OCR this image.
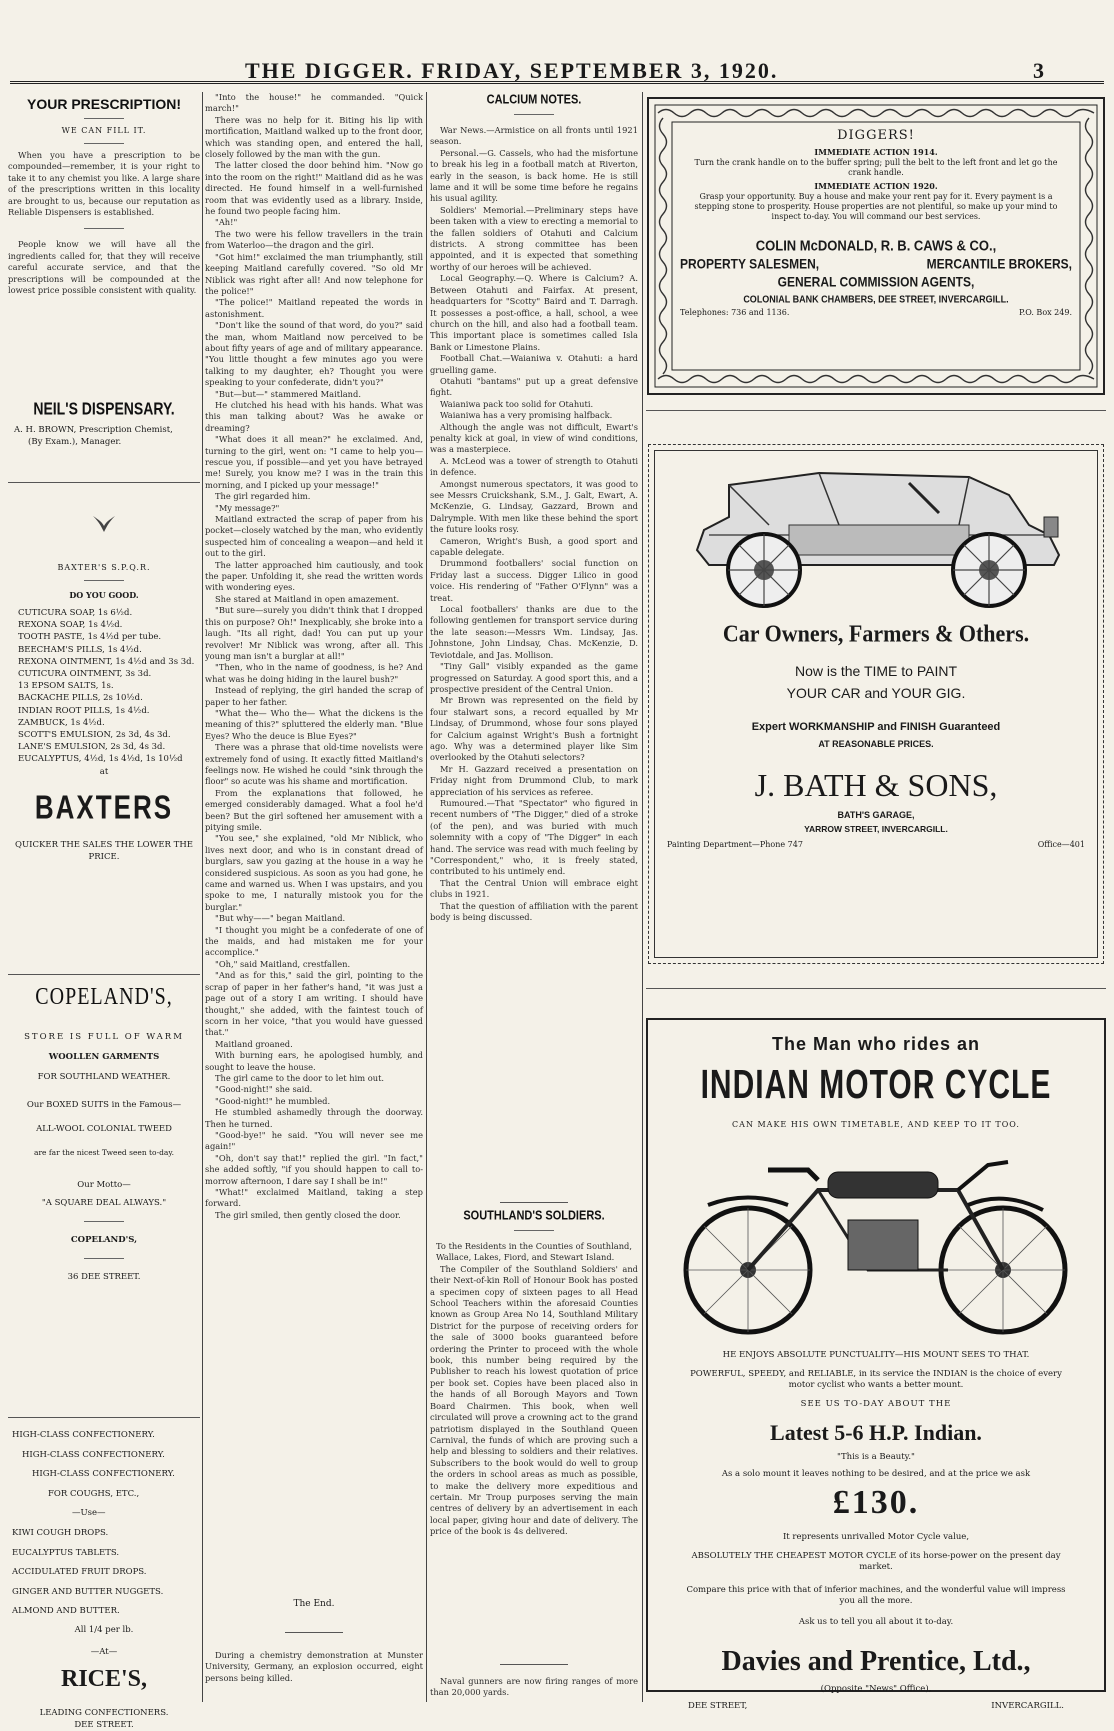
THE DIGGER. FRIDAY, SEPTEMBER 3, 1920.	3
YOUR PRESCRIPTION!
WE CAN FILL IT.

When you have a prescription to be compounded—remember, it is your right to take it to any chemist you like. A large share of the prescriptions written in this locality are brought to us, because our reputation as Reliable Dispensers is established.

People know we will have all the ingredients called for, that they will receive careful accurate service, and that the prescriptions will be compounded at the lowest price possible consistent with quality.

NEIL'S DISPENSARY.
A. H. BROWN, Prescription Chemist,
(By Exam.), Manager.
BAXTER'S S.P.Q.R.
DO YOU GOOD.
CUTICURA SOAP, 1s 6½d.
REXONA SOAP, 1s 4½d.
TOOTH PASTE, 1s 4½d per tube.
BEECHAM'S PILLS, 1s 4½d.
REXONA OINTMENT, 1s 4½d and 3s 3d.
CUTICURA OINTMENT, 3s 3d.
13 EPSOM SALTS, 1s.
BACKACHE PILLS, 2s 10½d.
INDIAN ROOT PILLS, 1s 4½d.
ZAMBUCK, 1s 4½d.
SCOTT'S EMULSION, 2s 3d, 4s 3d.
LANE'S EMULSION, 2s 3d, 4s 3d.
EUCALYPTUS, 4½d, 1s 4½d, 1s 10½d
at
BAXTERS
QUICKER THE SALES THE LOWER THE PRICE.
COPELAND'S,
STORE IS FULL OF WARM
WOOLLEN GARMENTS
FOR SOUTHLAND WEATHER.
Our BOXED SUITS in the Famous—
ALL-WOOL COLONIAL TWEED
are far the nicest Tweed seen to-day.
Our Motto—
"A SQUARE DEAL ALWAYS."
COPELAND'S,
36 DEE STREET.
HIGH-CLASS CONFECTIONERY.
HIGH-CLASS CONFECTIONERY.
HIGH-CLASS CONFECTIONERY.
FOR COUGHS, ETC.,
—Use—
KIWI COUGH DROPS.
EUCALYPTUS TABLETS.
ACCIDULATED FRUIT DROPS.
GINGER AND BUTTER NUGGETS.
ALMOND AND BUTTER.
All 1/4 per lb.
—At—
RICE'S,
LEADING CONFECTIONERS.
DEE STREET.

"Into the house!" he commanded. "Quick march!"

There was no help for it. Biting his lip with mortification, Maitland walked up to the front door, which was standing open, and entered the hall, closely followed by the man with the gun.

The latter closed the door behind him. "Now go into the room on the right!" Maitland did as he was directed. He found himself in a well-furnished room that was evidently used as a library. Inside, he found two people facing him.

"Ah!"

The two were his fellow travellers in the train from Waterloo—the dragon and the girl.

"Got him!" exclaimed the man triumphantly, still keeping Maitland carefully covered. "So old Mr Niblick was right after all! And now telephone for the police!"

"The police!" Maitland repeated the words in astonishment.

"Don't like the sound of that word, do you?" said the man, whom Maitland now perceived to be about fifty years of age and of military appearance. "You little thought a few minutes ago you were talking to my daughter, eh? Thought you were speaking to your confederate, didn't you?"

"But—but—" stammered Maitland.

He clutched his head with his hands. What was this man talking about? Was he awake or dreaming?

"What does it all mean?" he exclaimed. And, turning to the girl, went on: "I came to help you—rescue you, if possible—and yet you have betrayed me! Surely, you know me? I was in the train this morning, and I picked up your message!"

The girl regarded him.

"My message?"

Maitland extracted the scrap of paper from his pocket—closely watched by the man, who evidently suspected him of concealing a weapon—and held it out to the girl.

The latter approached him cautiously, and took the paper. Unfolding it, she read the written words with wondering eyes.

She stared at Maitland in open amazement.

"But sure—surely you didn't think that I dropped this on purpose? Oh!" Inexplicably, she broke into a laugh. "Its all right, dad! You can put up your revolver! Mr Niblick was wrong, after all. This young man isn't a burglar at all!"

"Then, who in the name of goodness, is he? And what was he doing hiding in the laurel bush?"

Instead of replying, the girl handed the scrap of paper to her father.

"What the— Who the— What the dickens is the meaning of this?" spluttered the elderly man. "Blue Eyes? Who the deuce is Blue Eyes?"

There was a phrase that old-time novelists were extremely fond of using. It exactly fitted Maitland's feelings now. He wished he could "sink through the floor" so acute was his shame and mortification.

From the explanations that followed, he emerged considerably damaged. What a fool he'd been? But the girl softened her amusement with a pitying smile.

"You see," she explained, "old Mr Niblick, who lives next door, and who is in constant dread of burglars, saw you gazing at the house in a way he considered suspicious. As soon as you had gone, he came and warned us. When I was upstairs, and you spoke to me, I naturally mistook you for the burglar."

"But why——" began Maitland.

"I thought you might be a confederate of one of the maids, and had mistaken me for your accomplice."

"Oh," said Maitland, crestfallen.

"And as for this," said the girl, pointing to the scrap of paper in her father's hand, "it was just a page out of a story I am writing. I should have thought," she added, with the faintest touch of scorn in her voice, "that you would have guessed that."

Maitland groaned.

With burning ears, he apologised humbly, and sought to leave the house.

The girl came to the door to let him out.

"Good-night!" she said.

"Good-night!" he mumbled.

He stumbled ashamedly through the doorway. Then he turned.

"Good-bye!" he said. "You will never see me again!"

"Oh, don't say that!" replied the girl. "In fact," she added softly, "if you should happen to call to-morrow afternoon, I dare say I shall be in!"

"What!" exclaimed Maitland, taking a step forward.

The girl smiled, then gently closed the door.

The End.

During a chemistry demonstration at Munster University, Germany, an explosion occurred, eight persons being killed.

CALCIUM NOTES.

War News.—Armistice on all fronts until 1921 season.

Personal.—G. Cassels, who had the misfortune to break his leg in a football match at Riverton, early in the season, is back home. He is still lame and it will be some time before he regains his usual agility.

Soldiers' Memorial.—Preliminary steps have been taken with a view to erecting a memorial to the fallen soldiers of Otahuti and Calcium districts. A strong committee has been appointed, and it is expected that something worthy of our heroes will be achieved.

Local Geography.—Q. Where is Calcium? A. Between Otahuti and Fairfax. At present, headquarters for "Scotty" Baird and T. Darragh. It possesses a post-office, a hall, school, a wee church on the hill, and also had a football team. This important place is sometimes called Isla Bank or Limestone Plains.

Football Chat.—Waianiwa v. Otahuti: a hard gruelling game.

Otahuti "bantams" put up a great defensive fight.

Waianiwa pack too solid for Otahuti.

Waianiwa has a very promising halfback.

Although the angle was not difficult, Ewart's penalty kick at goal, in view of wind conditions, was a masterpiece.

A. McLeod was a tower of strength to Otahuti in defence.

Amongst numerous spectators, it was good to see Messrs Cruickshank, S.M., J. Galt, Ewart, A. McKenzie, G. Lindsay, Gazzard, Brown and Dalrymple. With men like these behind the sport the future looks rosy.

Cameron, Wright's Bush, a good sport and capable delegate.

Drummond footballers' social function on Friday last a success. Digger Lilico in good voice. His rendering of "Father O'Flynn" was a treat.

Local footballers' thanks are due to the following gentlemen for transport service during the late season:—Messrs Wm. Lindsay, Jas. Johnstone, John Lindsay, Chas. McKenzie, D. Teviotdale, and Jas. Mollison.

"Tiny Gall" visibly expanded as the game progressed on Saturday. A good sport this, and a prospective president of the Central Union.

Mr Brown was represented on the field by four stalwart sons, a record equalled by Mr Lindsay, of Drummond, whose four sons played for Calcium against Wright's Bush a fortnight ago. Why was a determined player like Sim overlooked by the Otahuti selectors?

Mr H. Gazzard received a presentation on Friday night from Drummond Club, to mark appreciation of his services as referee.

Rumoured.—That "Spectator" who figured in recent numbers of "The Digger," died of a stroke (of the pen), and was buried with much solemnity with a copy of "The Digger" in each hand. The service was read with much feeling by "Correspondent," who, it is freely stated, contributed to his untimely end.

That the Central Union will embrace eight clubs in 1921.

That the question of affiliation with the parent body is being discussed.

SOUTHLAND'S SOLDIERS.

To the Residents in the Counties of Southland, Wallace, Lakes, Fiord, and Stewart Island.

The Compiler of the Southland Soldiers' and their Next-of-kin Roll of Honour Book has posted a specimen copy of sixteen pages to all Head School Teachers within the aforesaid Counties known as Group Area No 14, Southland Military District for the purpose of receiving orders for the sale of 3000 books guaranteed before ordering the Printer to proceed with the whole book, this number being required by the Publisher to reach his lowest quotation of price per book set. Copies have been placed also in the hands of all Borough Mayors and Town Board Chairmen. This book, when well circulated will prove a crowning act to the grand patriotism displayed in the Southland Queen Carnival, the funds of which are proving such a help and blessing to soldiers and their relatives. Subscribers to the book would do well to group the orders in school areas as much as possible, to make the delivery more expeditious and certain. Mr Troup purposes serving the main centres of delivery by an advertisement in each local paper, giving hour and date of delivery. The price of the book is 4s delivered.

Naval gunners are now firing ranges of more than 20,000 yards.

DIGGERS!
IMMEDIATE ACTION 1914.
Turn the crank handle on to the buffer spring; pull the belt to the left front and let go the crank handle.
IMMEDIATE ACTION 1920.
Grasp your opportunity. Buy a house and make your rent pay for it. Every payment is a stepping stone to prosperity. House properties are not plentiful, so make up your mind to inspect to-day. You will command our best services.
COLIN McDONALD, R. B. CAWS & CO.,
PROPERTY SALESMEN,	MERCANTILE BROKERS,
GENERAL COMMISSION AGENTS,
COLONIAL BANK CHAMBERS, DEE STREET, INVERCARGILL.
Telephones: 736 and 1136.	P.O. Box 249.
Car Owners, Farmers & Others.
Now is the TIME to PAINT
YOUR CAR and YOUR GIG.
Expert WORKMANSHIP and FINISH Guaranteed
AT REASONABLE PRICES.
J. BATH & SONS,
BATH'S GARAGE,
YARROW STREET, INVERCARGILL.
Painting Department—Phone 747	Office—401
The Man who rides an
INDIAN MOTOR CYCLE
CAN MAKE HIS OWN TIMETABLE, AND KEEP TO IT TOO.
HE ENJOYS ABSOLUTE PUNCTUALITY—HIS MOUNT SEES TO THAT.
POWERFUL, SPEEDY, and RELIABLE, in its service the INDIAN is the choice of every motor cyclist who wants a better mount.
SEE US TO-DAY ABOUT THE
Latest 5-6 H.P. Indian.
"This is a Beauty."
As a solo mount it leaves nothing to be desired, and at the price we ask
£130.
It represents unrivalled Motor Cycle value,
ABSOLUTELY THE CHEAPEST MOTOR CYCLE of its horse-power on the present day market.
Compare this price with that of inferior machines, and the wonderful value will impress you all the more.
Ask us to tell you all about it to-day.
Davies and Prentice, Ltd.,
(Opposite "News" Office),
DEE STREET,	INVERCARGILL.
